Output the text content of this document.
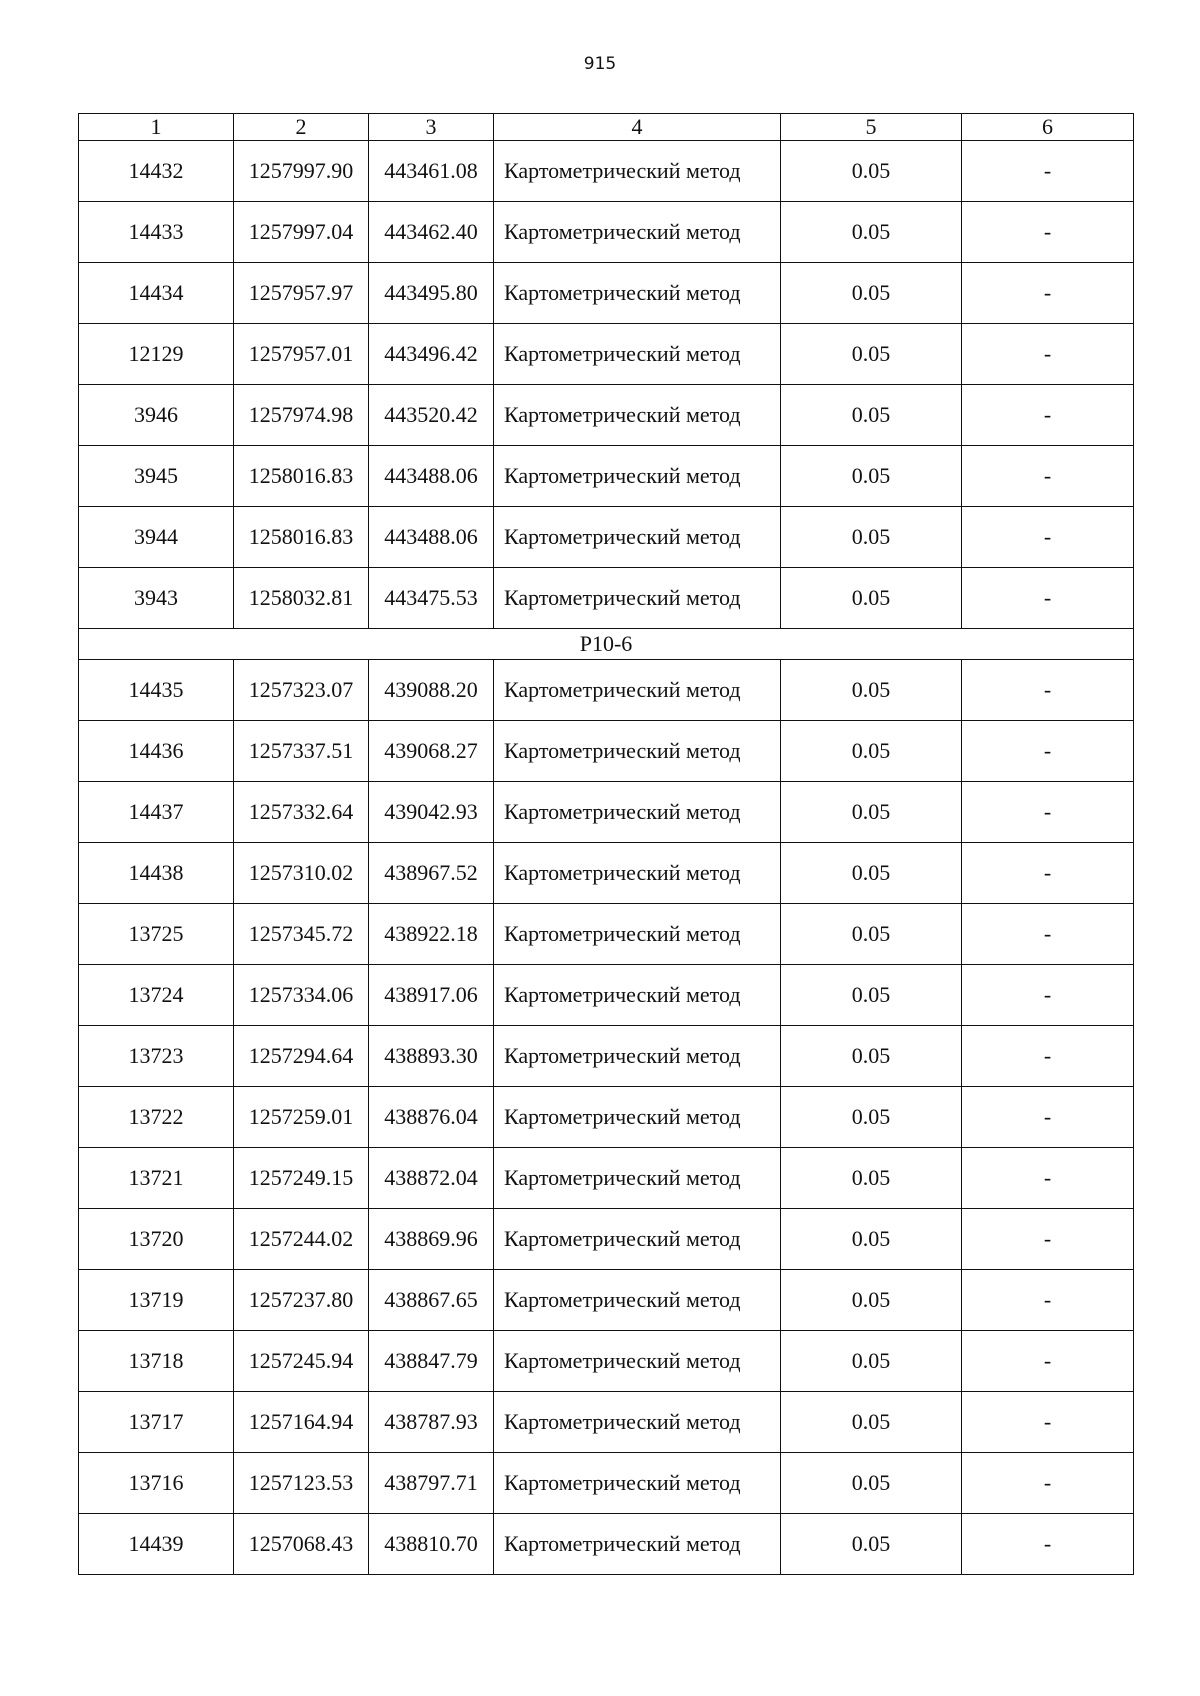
915
1	2	3	4	5	6
14432	1257997.90	443461.08	Картометрический метод	0.05	-
14433	1257997.04	443462.40	Картометрический метод	0.05	-
14434	1257957.97	443495.80	Картометрический метод	0.05	-
12129	1257957.01	443496.42	Картометрический метод	0.05	-
3946	1257974.98	443520.42	Картометрический метод	0.05	-
3945	1258016.83	443488.06	Картометрический метод	0.05	-
3944	1258016.83	443488.06	Картометрический метод	0.05	-
3943	1258032.81	443475.53	Картометрический метод	0.05	-
Р10-6					
14435	1257323.07	439088.20	Картометрический метод	0.05	-
14436	1257337.51	439068.27	Картометрический метод	0.05	-
14437	1257332.64	439042.93	Картометрический метод	0.05	-
14438	1257310.02	438967.52	Картометрический метод	0.05	-
13725	1257345.72	438922.18	Картометрический метод	0.05	-
13724	1257334.06	438917.06	Картометрический метод	0.05	-
13723	1257294.64	438893.30	Картометрический метод	0.05	-
13722	1257259.01	438876.04	Картометрический метод	0.05	-
13721	1257249.15	438872.04	Картометрический метод	0.05	-
13720	1257244.02	438869.96	Картометрический метод	0.05	-
13719	1257237.80	438867.65	Картометрический метод	0.05	-
13718	1257245.94	438847.79	Картометрический метод	0.05	-
13717	1257164.94	438787.93	Картометрический метод	0.05	-
13716	1257123.53	438797.71	Картометрический метод	0.05	-
14439	1257068.43	438810.70	Картометрический метод	0.05	-
